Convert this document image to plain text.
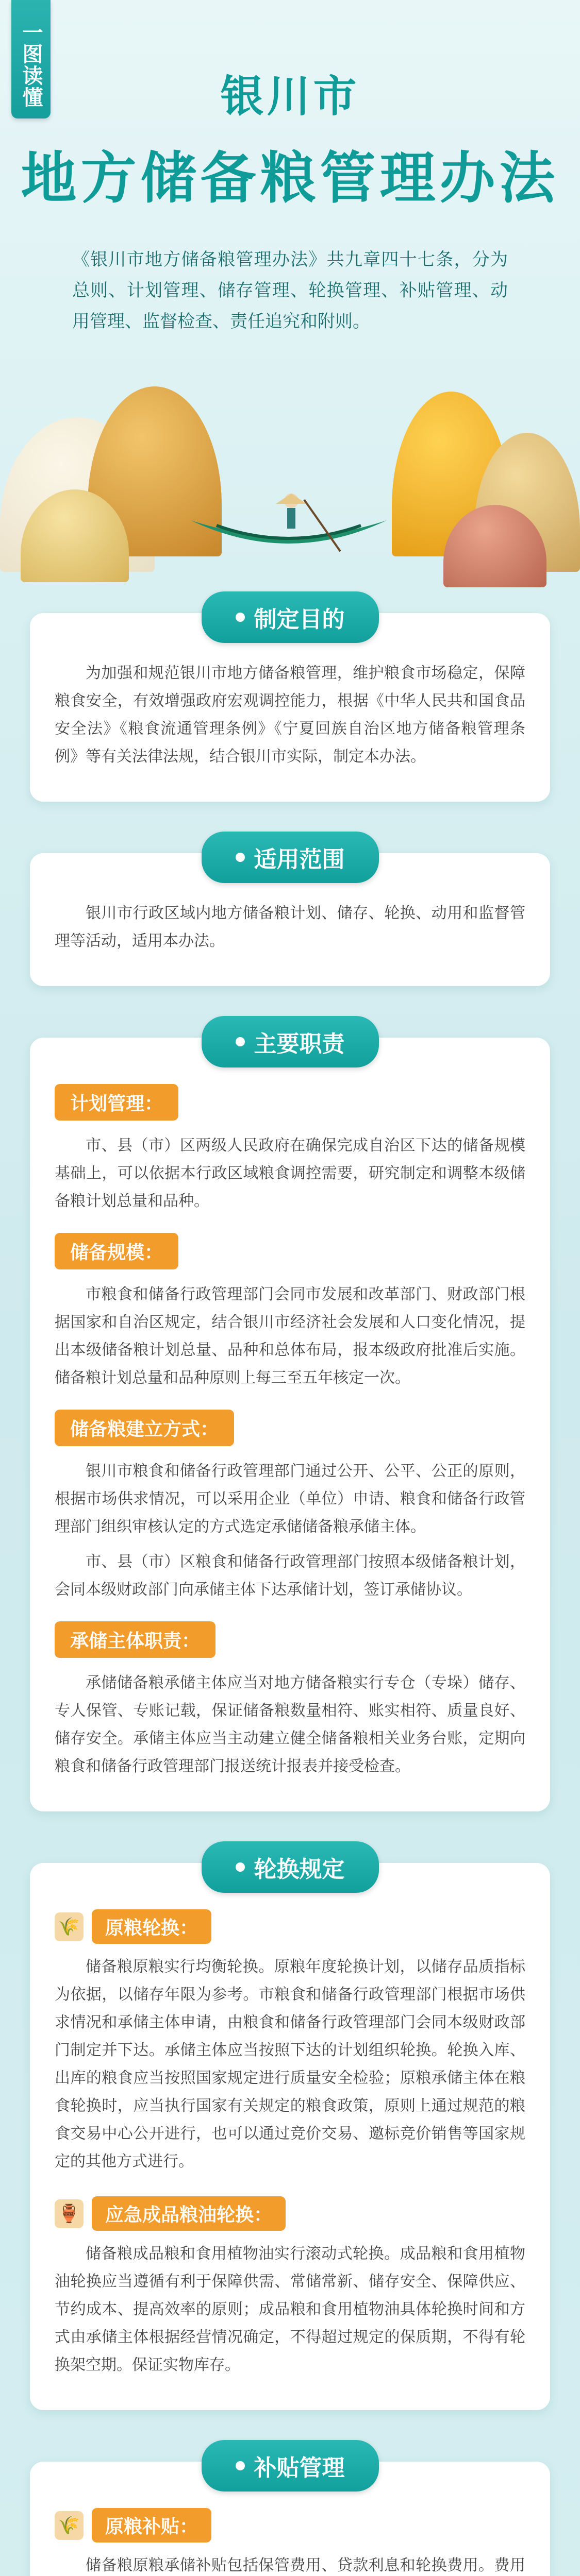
一图读懂	银川市
地方储备粮管理办法

《银川市地方储备粮管理办法》共九章四十七条，分为总则、计划管理、储存管理、轮换管理、补贴管理、动用管理、监督检查、责任追究和附则。

制定目的

为加强和规范银川市地方储备粮管理，维护粮食市场稳定，保障粮食安全，有效增强政府宏观调控能力，根据《中华人民共和国食品安全法》《粮食流通管理条例》《宁夏回族自治区地方储备粮管理条例》等有关法律法规，结合银川市实际，制定本办法。

适用范围

银川市行政区域内地方储备粮计划、储存、轮换、动用和监督管理等活动，适用本办法。

主要职责
计划管理：

市、县（市）区两级人民政府在确保完成自治区下达的储备规模基础上，可以依据本行政区域粮食调控需要，研究制定和调整本级储备粮计划总量和品种。

储备规模：

市粮食和储备行政管理部门会同市发展和改革部门、财政部门根据国家和自治区规定，结合银川市经济社会发展和人口变化情况，提出本级储备粮计划总量、品种和总体布局，报本级政府批准后实施。储备粮计划总量和品种原则上每三至五年核定一次。

储备粮建立方式：

银川市粮食和储备行政管理部门通过公开、公平、公正的原则，根据市场供求情况，可以采用企业（单位）申请、粮食和储备行政管理部门组织审核认定的方式选定承储储备粮承储主体。

市、县（市）区粮食和储备行政管理部门按照本级储备粮计划，会同本级财政部门向承储主体下达承储计划，签订承储协议。

承储主体职责：

承储储备粮承储主体应当对地方储备粮实行专仓（专垛）储存、专人保管、专账记载，保证储备粮数量相符、账实相符、质量良好、储存安全。承储主体应当主动建立健全储备粮相关业务台账，定期向粮食和储备行政管理部门报送统计报表并接受检查。

轮换规定
🌾	原粮轮换：

储备粮原粮实行均衡轮换。原粮年度轮换计划，以储存品质指标为依据，以储存年限为参考。市粮食和储备行政管理部门根据市场供求情况和承储主体申请，由粮食和储备行政管理部门会同本级财政部门制定并下达。承储主体应当按照下达的计划组织轮换。轮换入库、出库的粮食应当按照国家规定进行质量安全检验；原粮承储主体在粮食轮换时，应当执行国家有关规定的粮食政策，原则上通过规范的粮食交易中心公开进行，也可以通过竞价交易、邀标竞价销售等国家规定的其他方式进行。

🏺	应急成品粮油轮换：

储备粮成品粮和食用植物油实行滚动式轮换。成品粮和食用植物油轮换应当遵循有利于保障供需、常储常新、储存安全、保障供应、节约成本、提高效率的原则；成品粮和食用植物油具体轮换时间和方式由承储主体根据经营情况确定，不得超过规定的保质期，不得有轮换架空期。保证实物库存。

补贴管理
🌾	原粮补贴：

储备粮原粮承储补贴包括保管费用、贷款利息和轮换费用。费用
